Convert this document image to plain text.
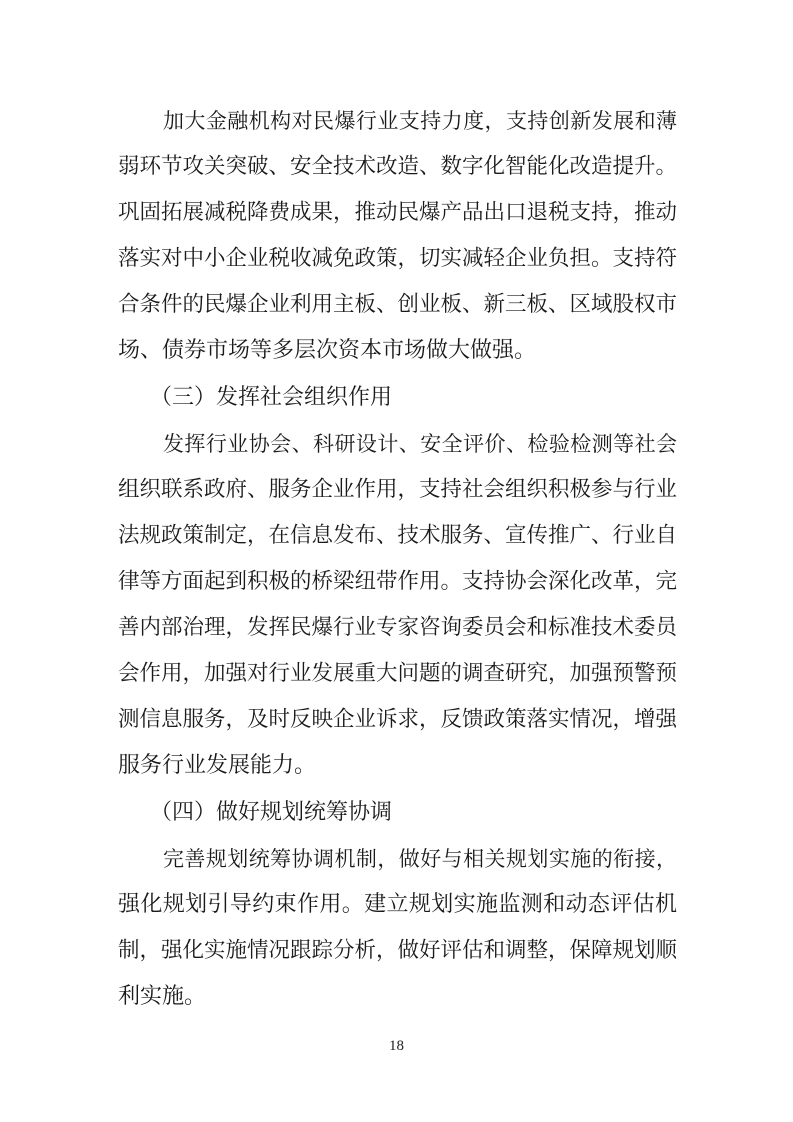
加大金融机构对民爆行业支持力度，支持创新发展和薄
弱环节攻关突破、安全技术改造、数字化智能化改造提升。
巩固拓展减税降费成果，推动民爆产品出口退税支持，推动
落实对中小企业税收减免政策，切实减轻企业负担。支持符
合条件的民爆企业利用主板、创业板、新三板、区域股权市
场、债券市场等多层次资本市场做大做强。
（三）发挥社会组织作用
发挥行业协会、科研设计、安全评价、检验检测等社会
组织联系政府、服务企业作用，支持社会组织积极参与行业
法规政策制定，在信息发布、技术服务、宣传推广、行业自
律等方面起到积极的桥梁纽带作用。支持协会深化改革，完
善内部治理，发挥民爆行业专家咨询委员会和标准技术委员
会作用，加强对行业发展重大问题的调查研究，加强预警预
测信息服务，及时反映企业诉求，反馈政策落实情况，增强
服务行业发展能力。
（四）做好规划统筹协调
完善规划统筹协调机制，做好与相关规划实施的衔接，
强化规划引导约束作用。建立规划实施监测和动态评估机
制，强化实施情况跟踪分析，做好评估和调整，保障规划顺
利实施。
18
